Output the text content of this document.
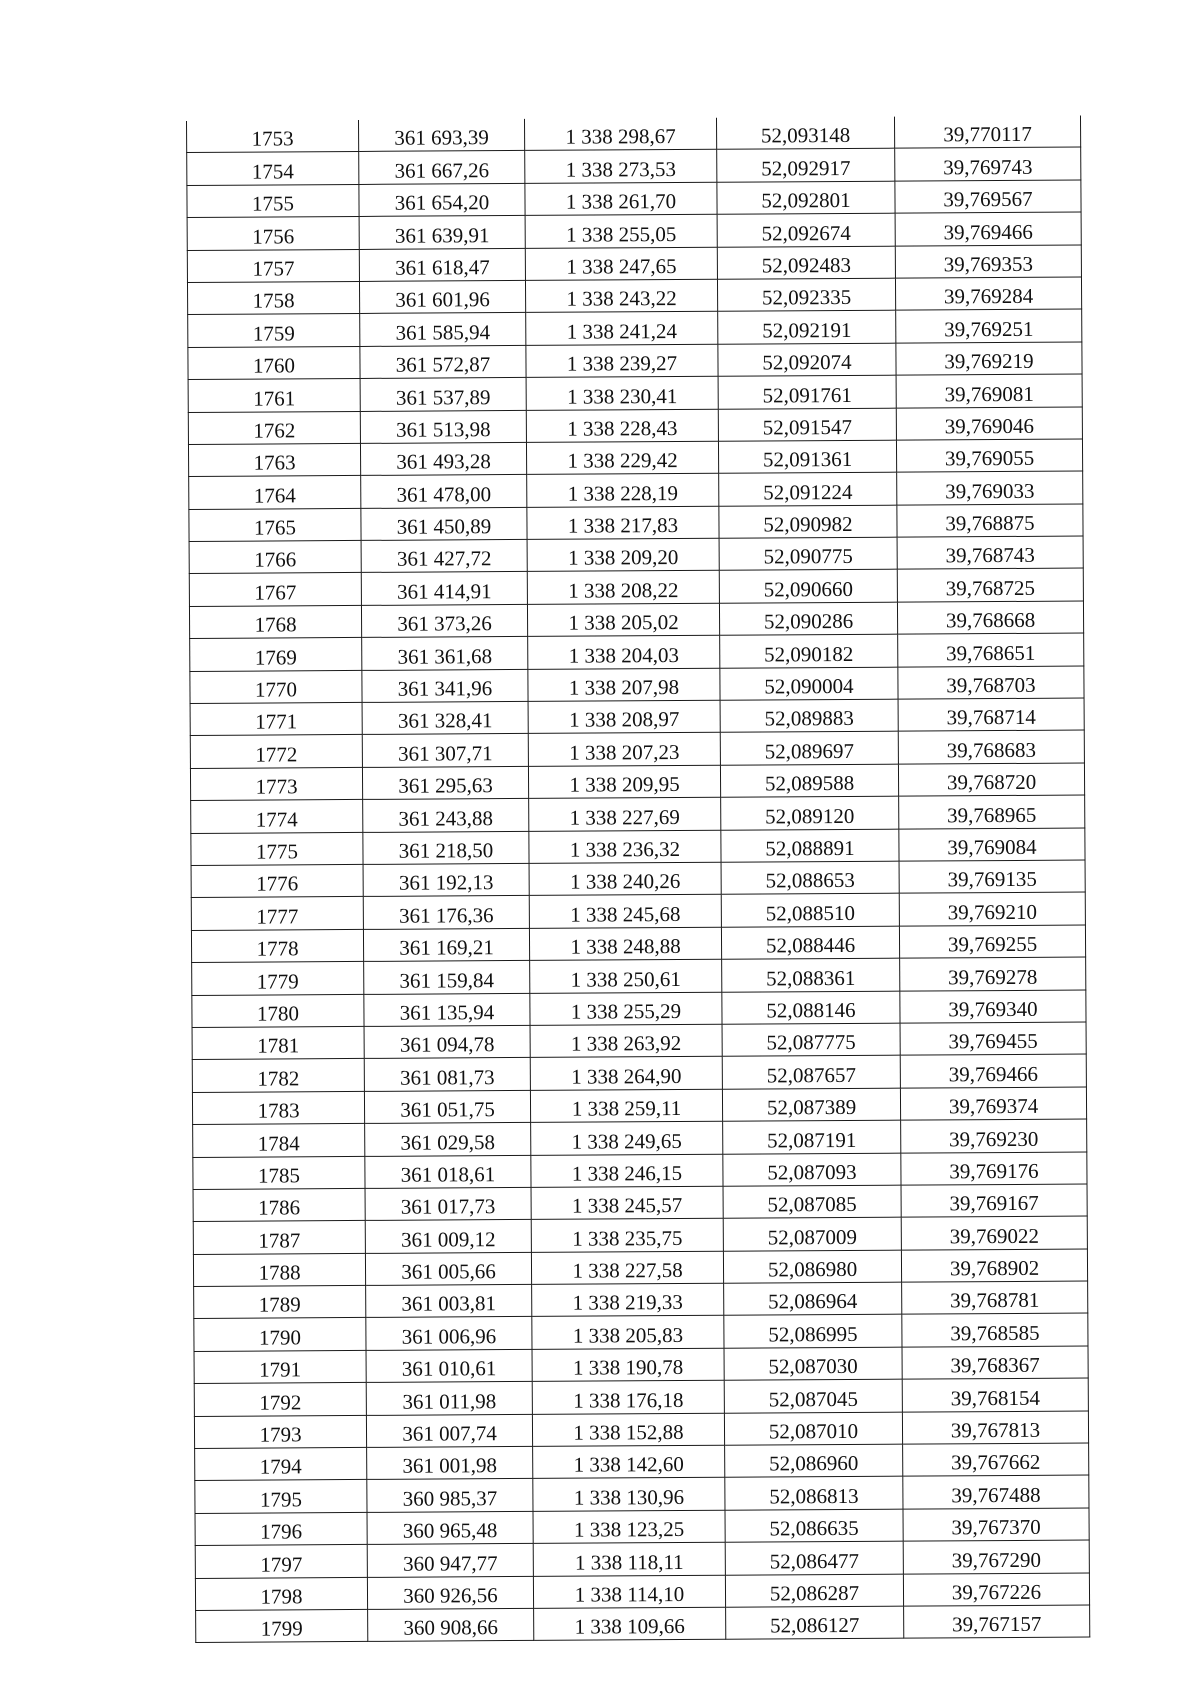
1753	361 693,39	1 338 298,67	52,093148	39,770117
1754	361 667,26	1 338 273,53	52,092917	39,769743
1755	361 654,20	1 338 261,70	52,092801	39,769567
1756	361 639,91	1 338 255,05	52,092674	39,769466
1757	361 618,47	1 338 247,65	52,092483	39,769353
1758	361 601,96	1 338 243,22	52,092335	39,769284
1759	361 585,94	1 338 241,24	52,092191	39,769251
1760	361 572,87	1 338 239,27	52,092074	39,769219
1761	361 537,89	1 338 230,41	52,091761	39,769081
1762	361 513,98	1 338 228,43	52,091547	39,769046
1763	361 493,28	1 338 229,42	52,091361	39,769055
1764	361 478,00	1 338 228,19	52,091224	39,769033
1765	361 450,89	1 338 217,83	52,090982	39,768875
1766	361 427,72	1 338 209,20	52,090775	39,768743
1767	361 414,91	1 338 208,22	52,090660	39,768725
1768	361 373,26	1 338 205,02	52,090286	39,768668
1769	361 361,68	1 338 204,03	52,090182	39,768651
1770	361 341,96	1 338 207,98	52,090004	39,768703
1771	361 328,41	1 338 208,97	52,089883	39,768714
1772	361 307,71	1 338 207,23	52,089697	39,768683
1773	361 295,63	1 338 209,95	52,089588	39,768720
1774	361 243,88	1 338 227,69	52,089120	39,768965
1775	361 218,50	1 338 236,32	52,088891	39,769084
1776	361 192,13	1 338 240,26	52,088653	39,769135
1777	361 176,36	1 338 245,68	52,088510	39,769210
1778	361 169,21	1 338 248,88	52,088446	39,769255
1779	361 159,84	1 338 250,61	52,088361	39,769278
1780	361 135,94	1 338 255,29	52,088146	39,769340
1781	361 094,78	1 338 263,92	52,087775	39,769455
1782	361 081,73	1 338 264,90	52,087657	39,769466
1783	361 051,75	1 338 259,11	52,087389	39,769374
1784	361 029,58	1 338 249,65	52,087191	39,769230
1785	361 018,61	1 338 246,15	52,087093	39,769176
1786	361 017,73	1 338 245,57	52,087085	39,769167
1787	361 009,12	1 338 235,75	52,087009	39,769022
1788	361 005,66	1 338 227,58	52,086980	39,768902
1789	361 003,81	1 338 219,33	52,086964	39,768781
1790	361 006,96	1 338 205,83	52,086995	39,768585
1791	361 010,61	1 338 190,78	52,087030	39,768367
1792	361 011,98	1 338 176,18	52,087045	39,768154
1793	361 007,74	1 338 152,88	52,087010	39,767813
1794	361 001,98	1 338 142,60	52,086960	39,767662
1795	360 985,37	1 338 130,96	52,086813	39,767488
1796	360 965,48	1 338 123,25	52,086635	39,767370
1797	360 947,77	1 338 118,11	52,086477	39,767290
1798	360 926,56	1 338 114,10	52,086287	39,767226
1799	360 908,66	1 338 109,66	52,086127	39,767157
